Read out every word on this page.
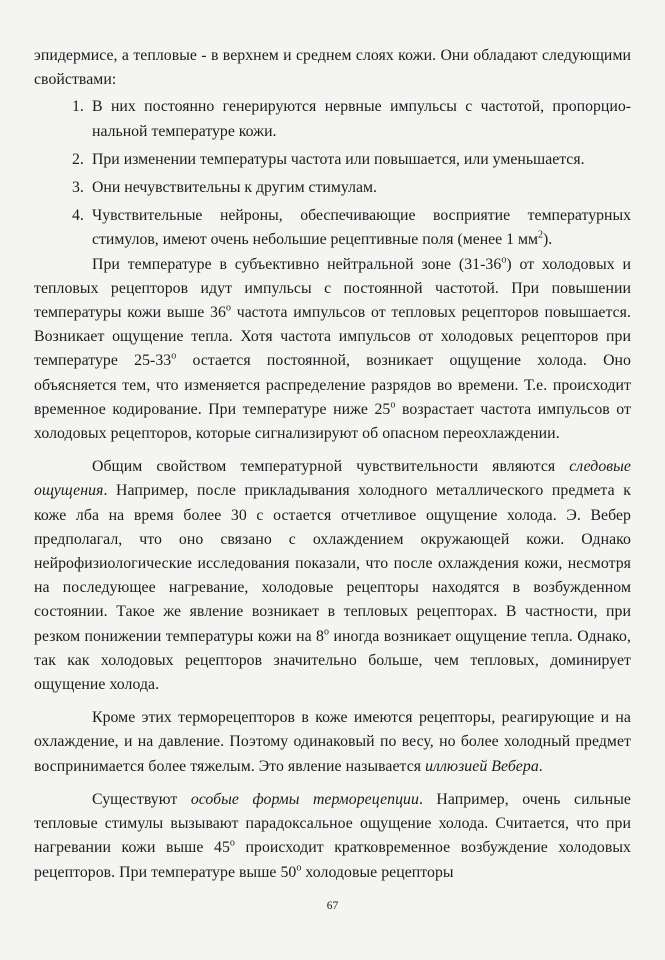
эпидермисе, а тепловые - в верхнем и среднем слоях кожи. Они обладают следующими свойствами:

1. В них постоянно генерируются нервные импульсы с частотой, пропорцио-нальной температуре кожи.
2. При изменении температуры частота или повышается, или уменьшается.
3. Они нечувствительны к другим стимулам.
4. Чувствительные нейроны, обеспечивающие восприятие температурных стимулов, имеют очень небольшие рецептивные поля (менее 1 $мм^2$).

При температуре в субъективно нейтральной зоне $(31-36^о)$ от холодовых и тепловых рецепторов идут импульсы с постоянной частотой. При повышении температуры кожи выше $36^о$ частота импульсов от тепловых рецепторов повышается. Возникает ощущение тепла. Хотя частота импульсов от холодовых рецепторов при температуре $25-33^о$ остается постоянной, возникает ощущение холода. Оно объясняется тем, что изменяется распределение разрядов во времени. Т.е. происходит временное кодирование. При температуре ниже $25^о$ возрастает частота импульсов от холодовых рецепторов, которые сигнализируют об опасном переохлаждении.

Общим свойством температурной чувствительности являются следовые ощущения. Например, после прикладывания холодного металлического предмета к коже лба на время более 30 с остается отчетливое ощущение холода. Э. Вебер предполагал, что оно связано с охлаждением окружающей кожи. Однако нейрофизиологические исследования показали, что после охлаждения кожи, несмотря на последующее нагревание, холодовые рецепторы находятся в возбужденном состоянии. Такое же явление возникает в тепловых рецепторах. В частности, при резком понижении температуры кожи на $8^о$ иногда возникает ощущение тепла. Однако, так как холодовых рецепторов значительно больше, чем тепловых, доминирует ощущение холода.

Кроме этих терморецепторов в коже имеются рецепторы, реагирующие и на охлаждение, и на давление. Поэтому одинаковый по весу, но более холодный предмет воспринимается более тяжелым. Это явление называется иллюзией Вебера.

Существуют особые формы терморецепции. Например, очень сильные тепловые стимулы вызывают парадоксальное ощущение холода. Считается, что при нагревании кожи выше $45^о$ происходит кратковременное возбуждение холодовых рецепторов. При температуре выше $50^о$ холодовые рецепторы

67
